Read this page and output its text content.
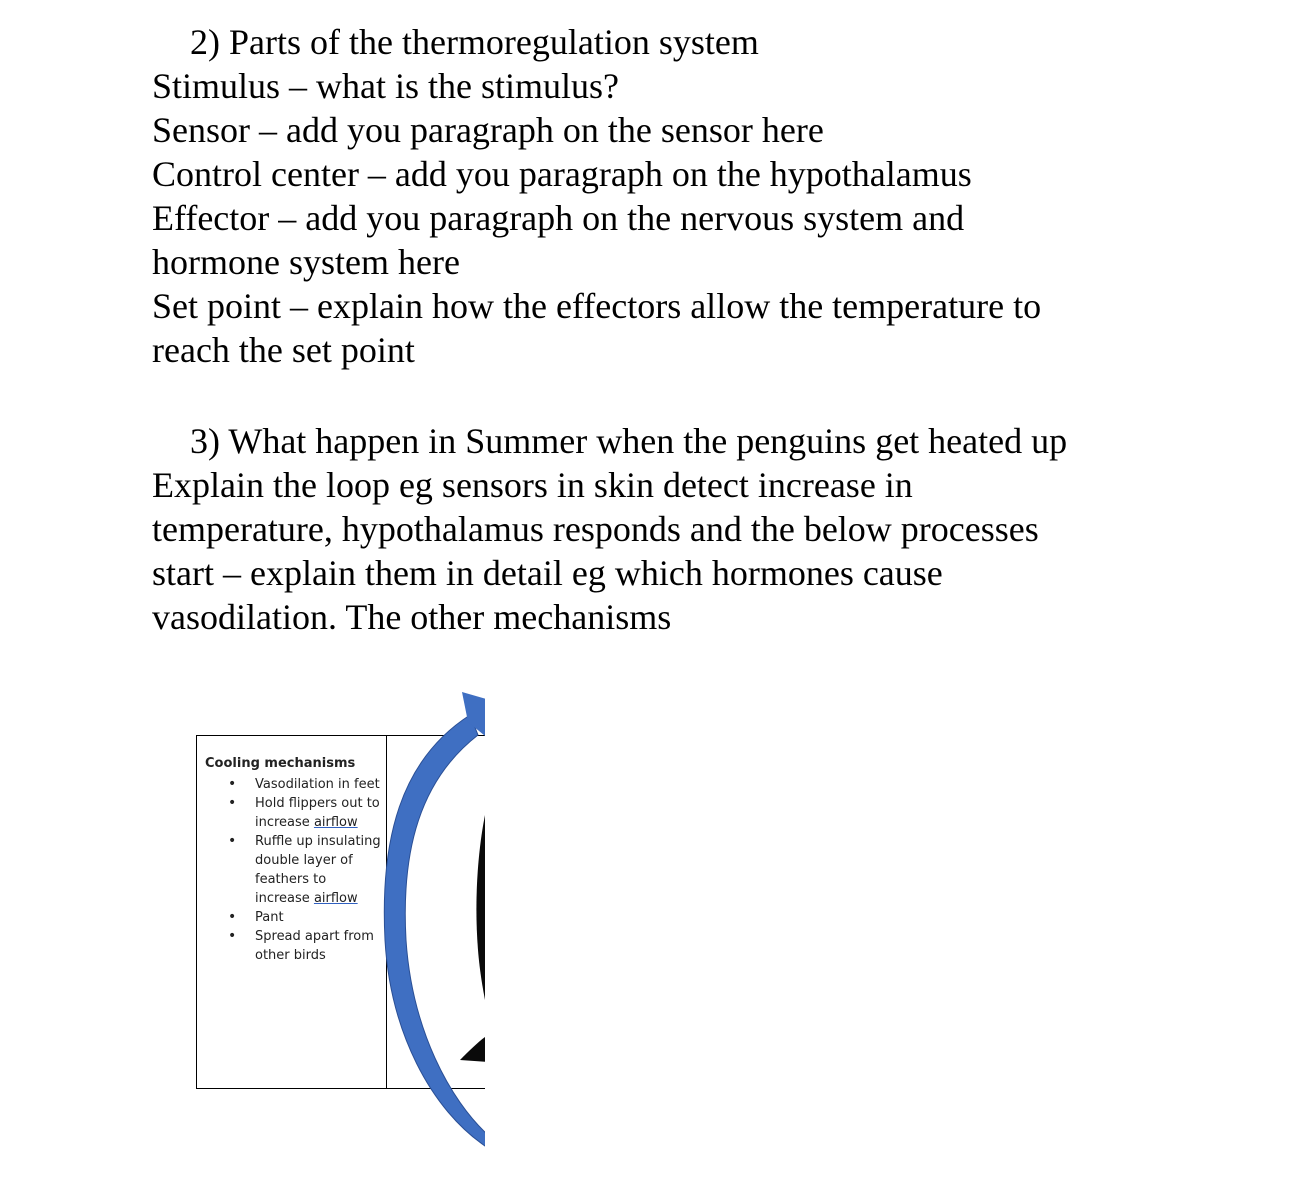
2) Parts of the thermoregulation system
Stimulus – what is the stimulus?
Sensor – add you paragraph on the sensor here
Control center – add you paragraph on the hypothalamus
Effector – add you paragraph on the nervous system and
hormone system here
Set point – explain how the effectors allow the temperature to
reach the set point
3) What happen in Summer when the penguins get heated up
Explain the loop eg sensors in skin detect increase in
temperature, hypothalamus responds and the below processes
start – explain them in detail eg which hormones cause
vasodilation. The other mechanisms
Cooling mechanisms
• Vasodilation in feet
• Hold flippers out to
increase airflow
• Ruffle up insulating
double layer of
feathers to
increase airflow
• Pant
• Spread apart from
other birds
